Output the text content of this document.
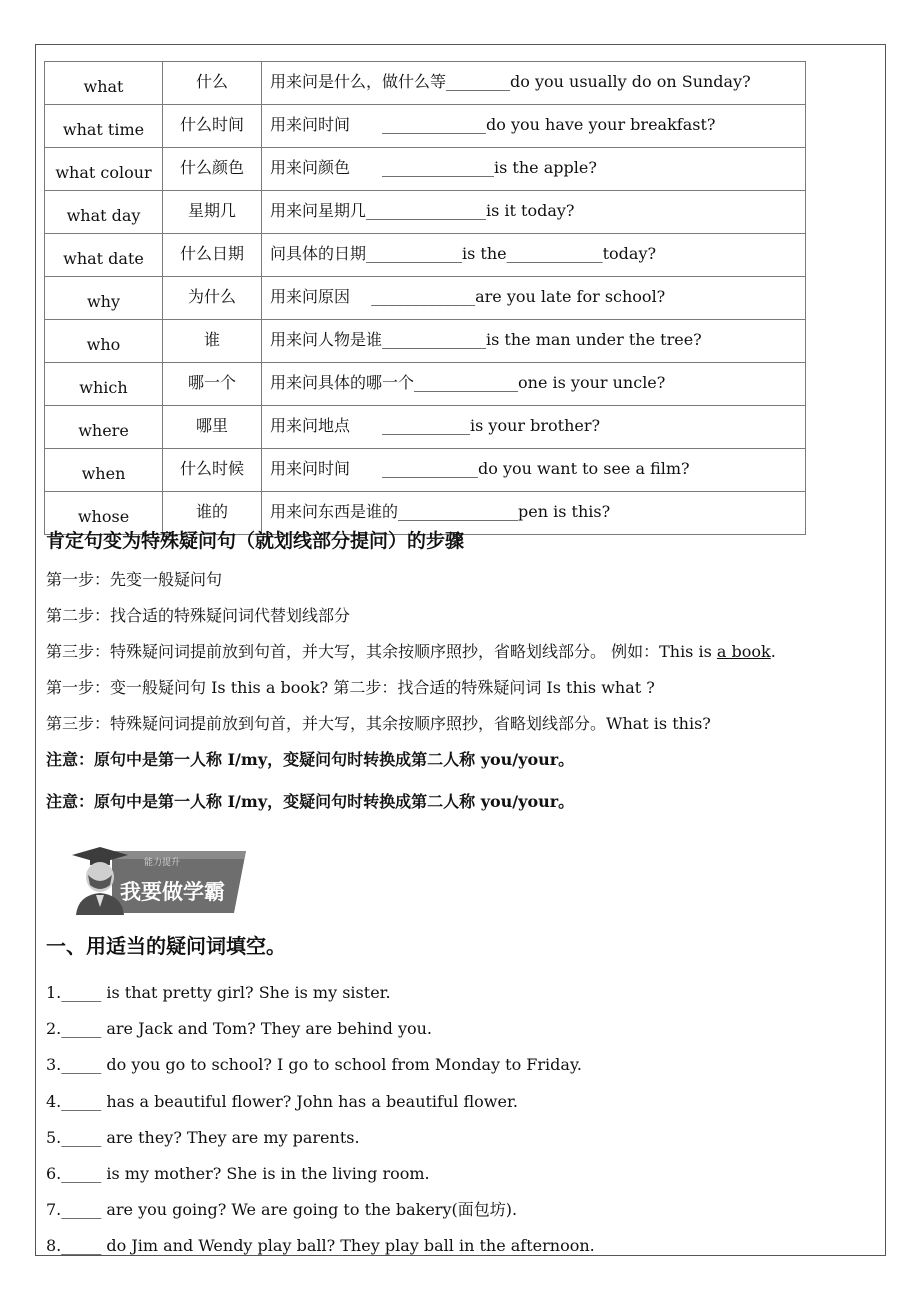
what	什么	用来问是什么，做什么等________do you usually do on Sunday?
what time	什么时间	用来问时间　　_____________do you have your breakfast?
what colour	什么颜色	用来问颜色　　______________is the apple?
what day	星期几	用来问星期几_______________is it today?
what date	什么日期	问具体的日期____________is the____________today?
why	为什么	用来问原因　 _____________are you late for school?
who	谁	用来问人物是谁_____________is the man under the tree?
which	哪一个	用来问具体的哪一个_____________one is your uncle?
where	哪里	用来问地点　　___________is your brother?
when	什么时候	用来问时间　　____________do you want to see a film?
whose	谁的	用来问东西是谁的_______________pen is this?
肯定句变为特殊疑问句（就划线部分提问）的步骤
第一步：先变一般疑问句
第二步：找合适的特殊疑问词代替划线部分
第三步：特殊疑问词提前放到句首，并大写，其余按顺序照抄，省略划线部分。 例如：This is a book.
第一步：变一般疑问句 Is this a book? 第二步：找合适的特殊疑问词 Is this what ?
第三步：特殊疑问词提前放到句首，并大写，其余按顺序照抄，省略划线部分。What is this?
注意：原句中是第一人称 I/my，变疑问句时转换成第二人称 you/your。
注意：原句中是第一人称 I/my，变疑问句时转换成第二人称 you/your。
能力提升
我要做学霸
一、用适当的疑问词填空。
1._____ is that pretty girl? She is my sister.
2._____ are Jack and Tom? They are behind you.
3._____ do you go to school? I go to school from Monday to Friday.
4._____ has a beautiful flower? John has a beautiful flower.
5._____ are they? They are my parents.
6._____ is my mother? She is in the living room.
7._____ are you going? We are going to the bakery(面包坊).
8._____ do Jim and Wendy play ball? They play ball in the afternoon.
